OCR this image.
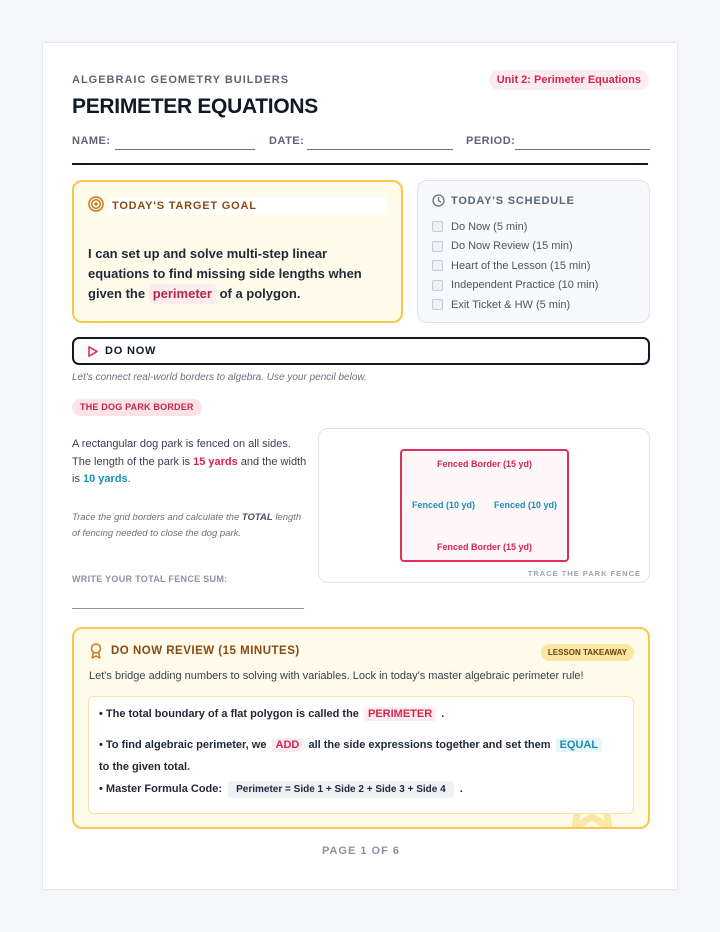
ALGEBRAIC GEOMETRY BUILDERS	Unit 2: Perimeter Equations
PERIMETER EQUATIONS
NAME:	DATE:	PERIOD:
TODAY'S TARGET GOAL
I can set up and solve multi-step linear equations to find missing side lengths when given the perimeter of a polygon.
TODAY'S SCHEDULE
Do Now (5 min)
Do Now Review (15 min)
Heart of the Lesson (15 min)
Independent Practice (10 min)
Exit Ticket & HW (5 min)
DO NOW
Let's connect real-world borders to algebra. Use your pencil below.
THE DOG PARK BORDER
A rectangular dog park is fenced on all sides. The length of the park is 15 yards and the width is 10 yards.
Trace the grid borders and calculate the TOTAL length of fencing needed to close the dog park.
WRITE YOUR TOTAL FENCE SUM:
Fenced Border (15 yd)
Fenced (10 yd) Fenced (10 yd)
Fenced Border (15 yd)
TRACE THE PARK FENCE
DO NOW REVIEW (15 MINUTES)	LESSON TAKEAWAY
Let's bridge adding numbers to solving with variables. Lock in today's master algebraic perimeter rule!
• The total boundary of a flat polygon is called the PERIMETER .
• To find algebraic perimeter, we ADD all the side expressions together and set them EQUAL
to the given total.
• Master Formula Code: Perimeter = Side 1 + Side 2 + Side 3 + Side 4 .
PAGE 1 OF 6
